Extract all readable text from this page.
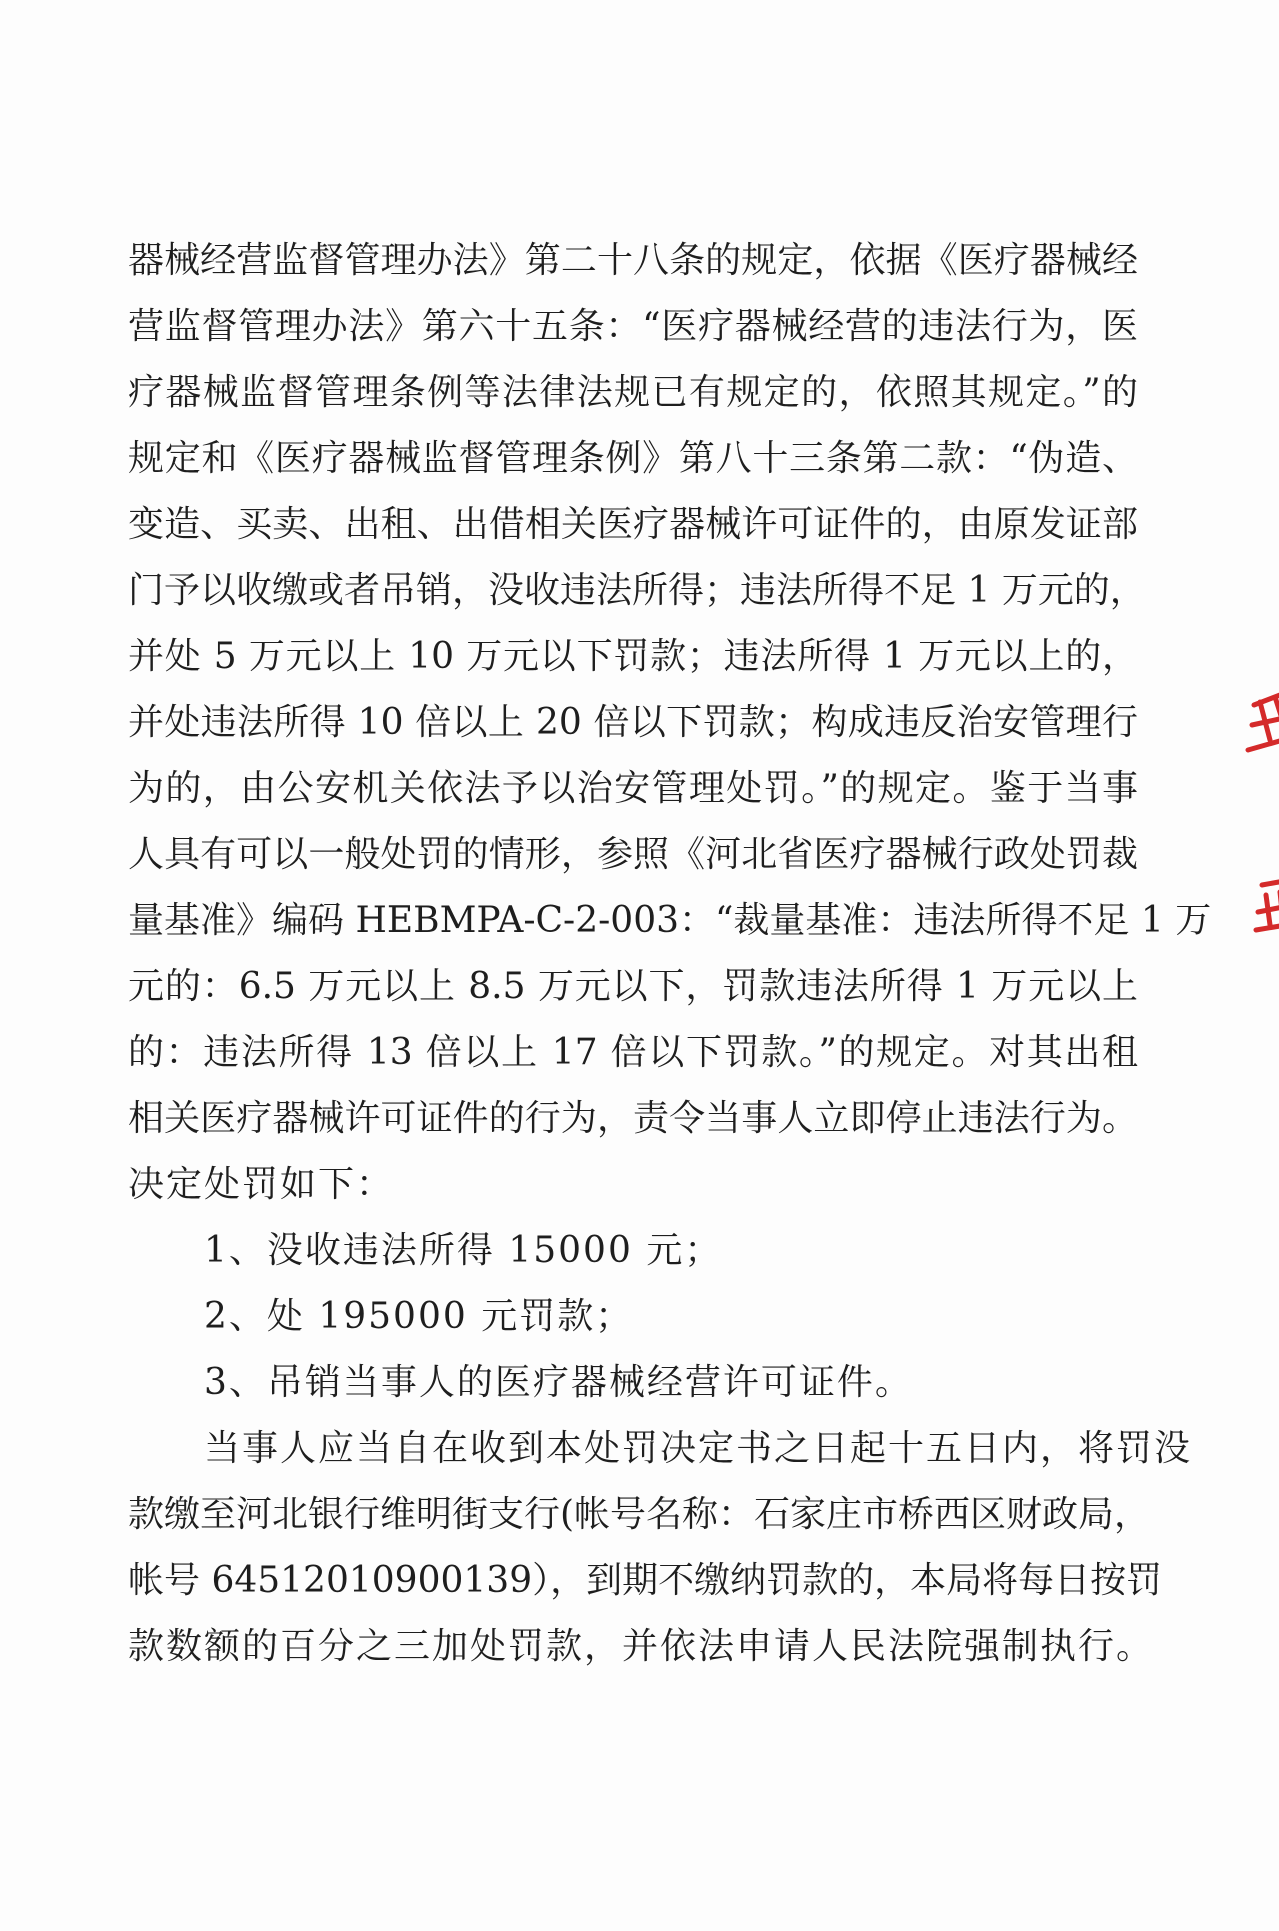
器械经营监督管理办法》第二十八条的规定，依据《医疗器械经
营监督管理办法》第六十五条：“医疗器械经营的违法行为，医
疗器械监督管理条例等法律法规已有规定的，依照其规定。”的
规定和《医疗器械监督管理条例》第八十三条第二款：“伪造、
变造、买卖、出租、出借相关医疗器械许可证件的，由原发证部
门予以收缴或者吊销，没收违法所得；违法所得不足 1 万元的，
并处 5 万元以上 10 万元以下罚款；违法所得 1 万元以上的，
并处违法所得 10 倍以上 20 倍以下罚款；构成违反治安管理行
为的，由公安机关依法予以治安管理处罚。”的规定。鉴于当事
人具有可以一般处罚的情形，参照《河北省医疗器械行政处罚裁
量基准》编码 HEBMPA-C-2-003：“裁量基准：违法所得不足 1 万
元的：6.5 万元以上 8.5 万元以下，罚款违法所得 1 万元以上
的：违法所得 13 倍以上 17 倍以下罚款。”的规定。对其出租
相关医疗器械许可证件的行为，责令当事人立即停止违法行为。
决定处罚如下：
1、没收违法所得 15000 元；
2、处 195000 元罚款；
3、吊销当事人的医疗器械经营许可证件。
当事人应当自在收到本处罚决定书之日起十五日内，将罚没
款缴至河北银行维明街支行(帐号名称：石家庄市桥西区财政局，
帐号 64512010900139），到期不缴纳罚款的，本局将每日按罚
款数额的百分之三加处罚款，并依法申请人民法院强制执行。
